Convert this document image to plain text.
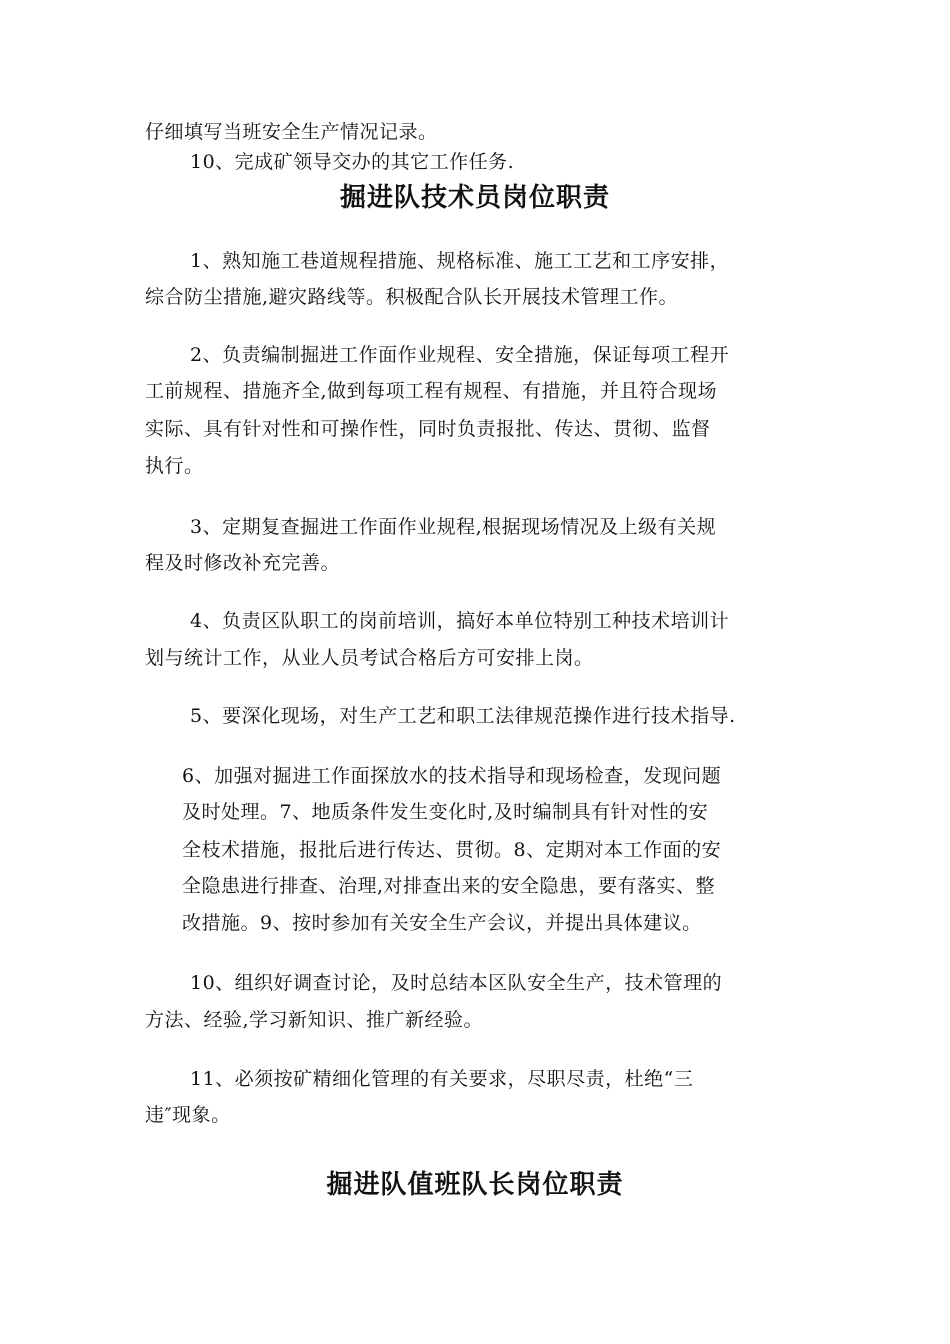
仔细填写当班安全生产情况记录。
10、完成矿领导交办的其它工作任务.
掘进队技术员岗位职责
1、熟知施工巷道规程措施、规格标准、施工工艺和工序安排，
综合防尘措施,避灾路线等。积极配合队长开展技术管理工作。
2、负责编制掘进工作面作业规程、安全措施，保证每项工程开
工前规程、措施齐全,做到每项工程有规程、有措施，并且符合现场
实际、具有针对性和可操作性，同时负责报批、传达、贯彻、监督
执行。
3、定期复查掘进工作面作业规程,根据现场情况及上级有关规
程及时修改补充完善。
4、负责区队职工的岗前培训，搞好本单位特别工种技术培训计
划与统计工作，从业人员考试合格后方可安排上岗。
5、要深化现场，对生产工艺和职工法律规范操作进行技术指导.
6、加强对掘进工作面探放水的技术指导和现场检查，发现问题
及时处理。7、地质条件发生变化时,及时编制具有针对性的安
全枝术措施，报批后进行传达、贯彻。8、定期对本工作面的安
全隐患进行排查、治理,对排查出来的安全隐患，要有落实、整
改措施。9、按时参加有关安全生产会议，并提出具体建议。
10、组织好调查讨论，及时总结本区队安全生产，技术管理的
方法、经验,学习新知识、推广新经验。
11、必须按矿精细化管理的有关要求，尽职尽责，杜绝“三
违″现象。
掘进队值班队长岗位职责
